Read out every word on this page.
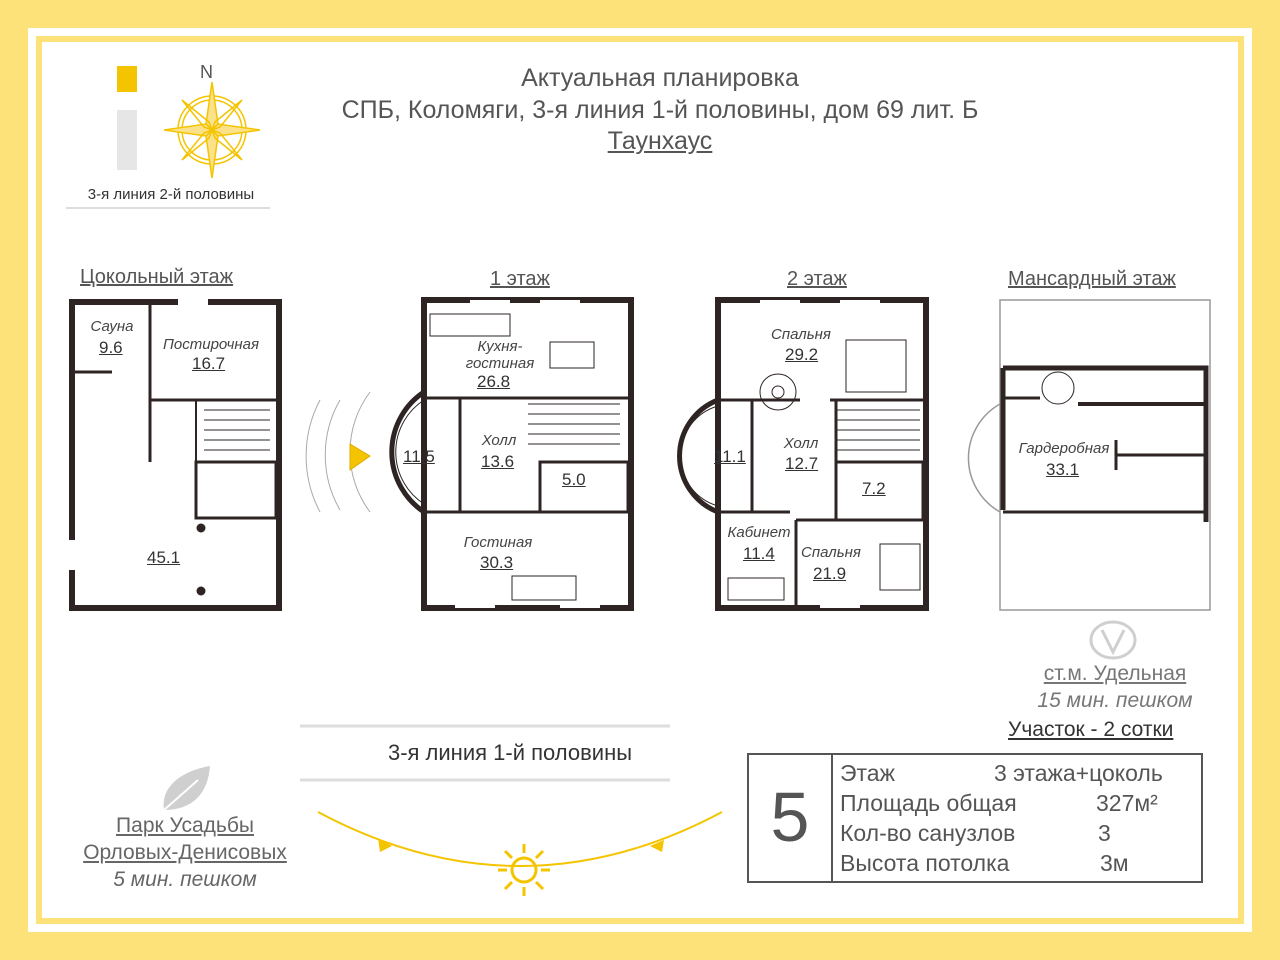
Актуальная планировка
СПБ, Коломяги, 3-я линия 1-й половины, дом 69 лит. Б
Таунхаус
N
3-я линия 2-й половины
Цокольный этаж	1 этаж	2 этаж	Мансардный этаж
Сауна
9.6	Постирочная
16.7
45.1
Кухня-гостиная
26.8
11.5
Холл
13.6
5.0
Гостиная
30.3
Спальня
29.2
11.1
Холл
12.7
7.2
Кабинет
11.4	Спальня
21.9
Гардеробная
33.1
3-я линия 1-й половины
Парк Усадьбы
Орловых-Денисовых
5 мин. пешком
ст.м. Удельная
15 мин. пешком
Участок - 2 сотки
5
Этаж	3 этажа+цоколь
Площадь общая	327м²
Кол-во санузлов	3
Высота потолка	3м
